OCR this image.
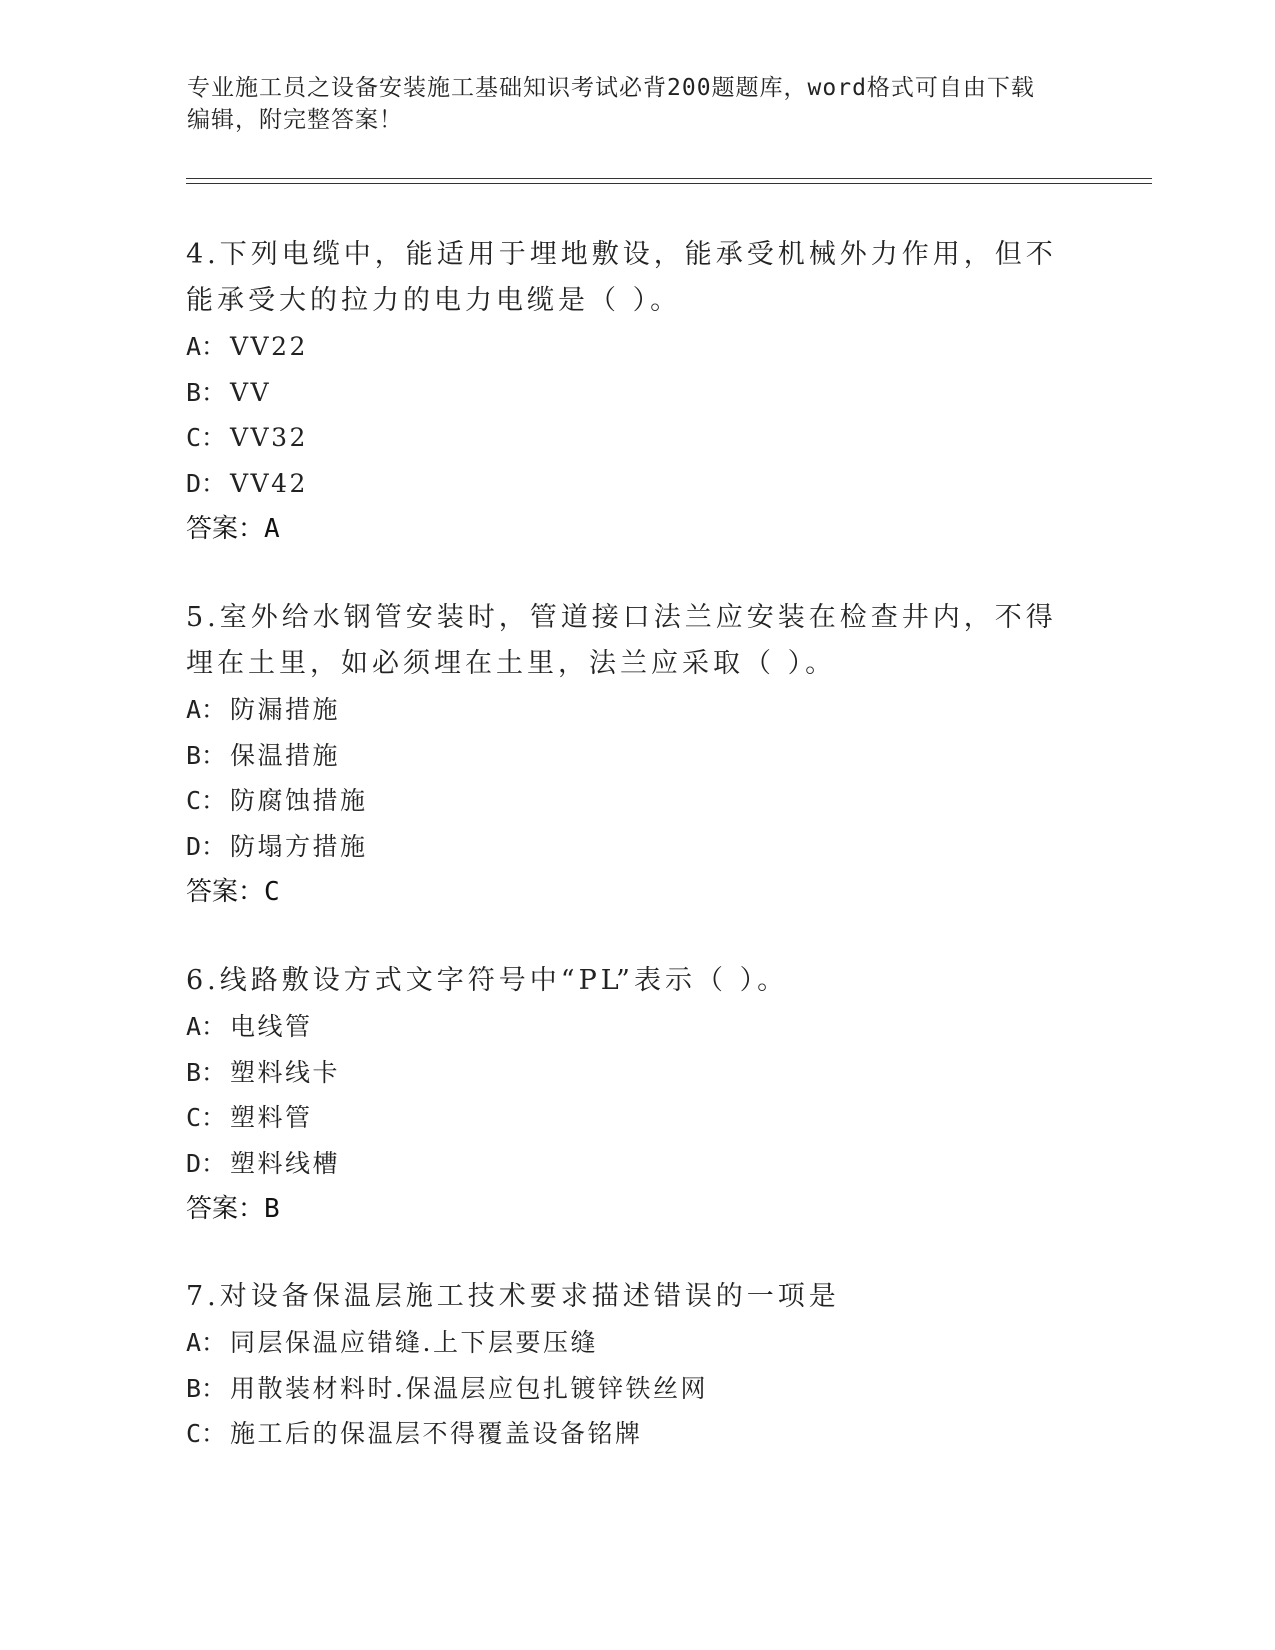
专业施工员之设备安装施工基础知识考试必背200题题库，word格式可自由下载
编辑，附完整答案！

4.下列电缆中，能适用于埋地敷设，能承受机械外力作用，但不能承受大的拉力的电力电缆是（ ）。

A： VV22

B： VV

C： VV32

D： VV42

答案：A

5.室外给水钢管安装时，管道接口法兰应安装在检查井内，不得埋在土里，如必须埋在土里，法兰应采取（ ）。

A： 防漏措施

B： 保温措施

C： 防腐蚀措施

D： 防塌方措施

答案：C

6.线路敷设方式文字符号中“PL”表示（ ）。

A： 电线管

B： 塑料线卡

C： 塑料管

D： 塑料线槽

答案：B

7.对设备保温层施工技术要求描述错误的一项是

A： 同层保温应错缝.上下层要压缝

B： 用散装材料时.保温层应包扎镀锌铁丝网

C： 施工后的保温层不得覆盖设备铭牌
